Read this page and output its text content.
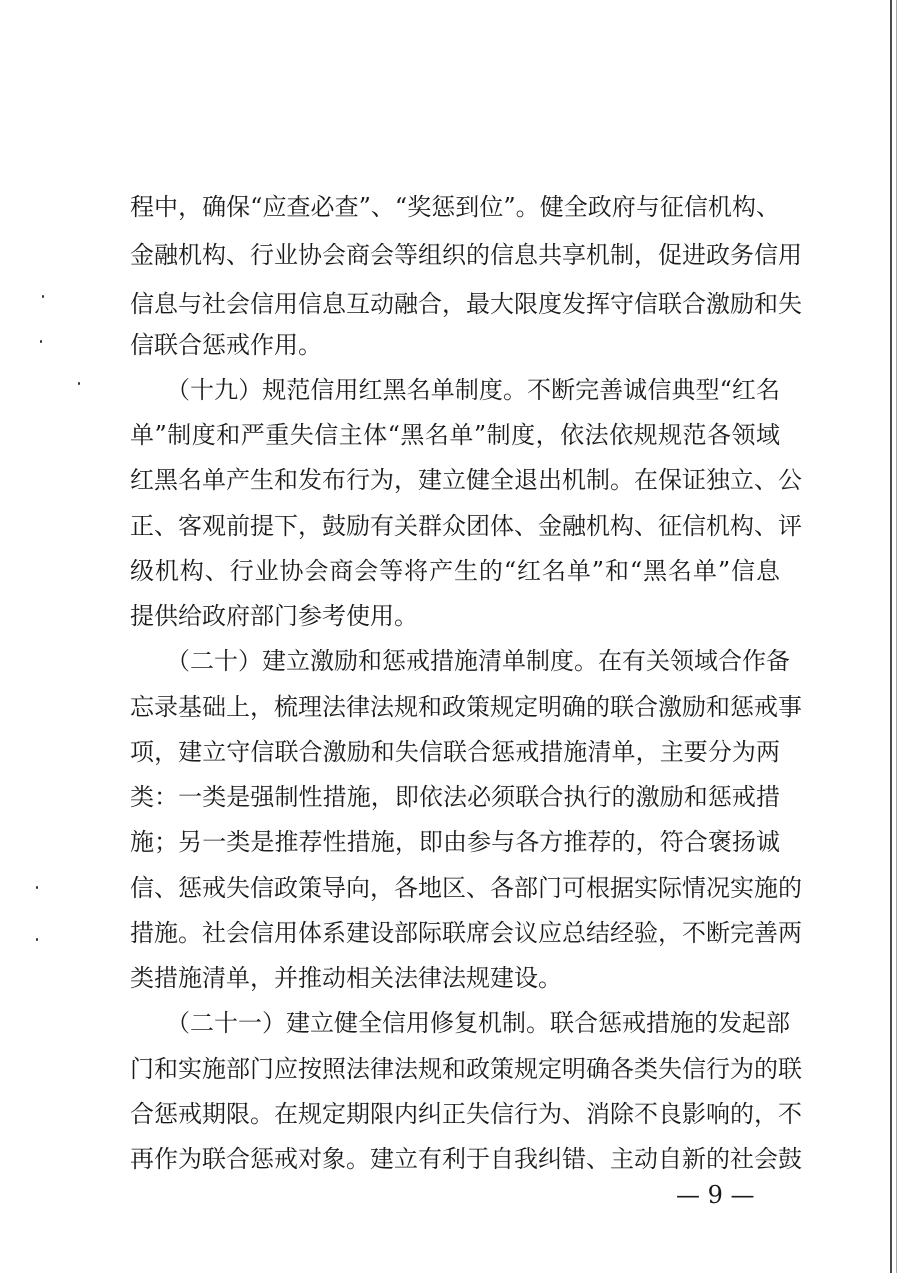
程中，确保“应查必查”、“奖惩到位”。健全政府与征信机构、
金融机构、行业协会商会等组织的信息共享机制，促进政务信用
信息与社会信用信息互动融合，最大限度发挥守信联合激励和失
信联合惩戒作用。
（十九）规范信用红黑名单制度。不断完善诚信典型“红名
单”制度和严重失信主体“黑名单”制度，依法依规规范各领域
红黑名单产生和发布行为，建立健全退出机制。在保证独立、公
正、客观前提下，鼓励有关群众团体、金融机构、征信机构、评
级机构、行业协会商会等将产生的“红名单”和“黑名单”信息
提供给政府部门参考使用。
（二十）建立激励和惩戒措施清单制度。在有关领域合作备
忘录基础上，梳理法律法规和政策规定明确的联合激励和惩戒事
项，建立守信联合激励和失信联合惩戒措施清单，主要分为两
类：一类是强制性措施，即依法必须联合执行的激励和惩戒措
施；另一类是推荐性措施，即由参与各方推荐的，符合褒扬诚
信、惩戒失信政策导向，各地区、各部门可根据实际情况实施的
措施。社会信用体系建设部际联席会议应总结经验，不断完善两
类措施清单，并推动相关法律法规建设。
（二十一）建立健全信用修复机制。联合惩戒措施的发起部
门和实施部门应按照法律法规和政策规定明确各类失信行为的联
合惩戒期限。在规定期限内纠正失信行为、消除不良影响的，不
再作为联合惩戒对象。建立有利于自我纠错、主动自新的社会鼓
— 9 —
